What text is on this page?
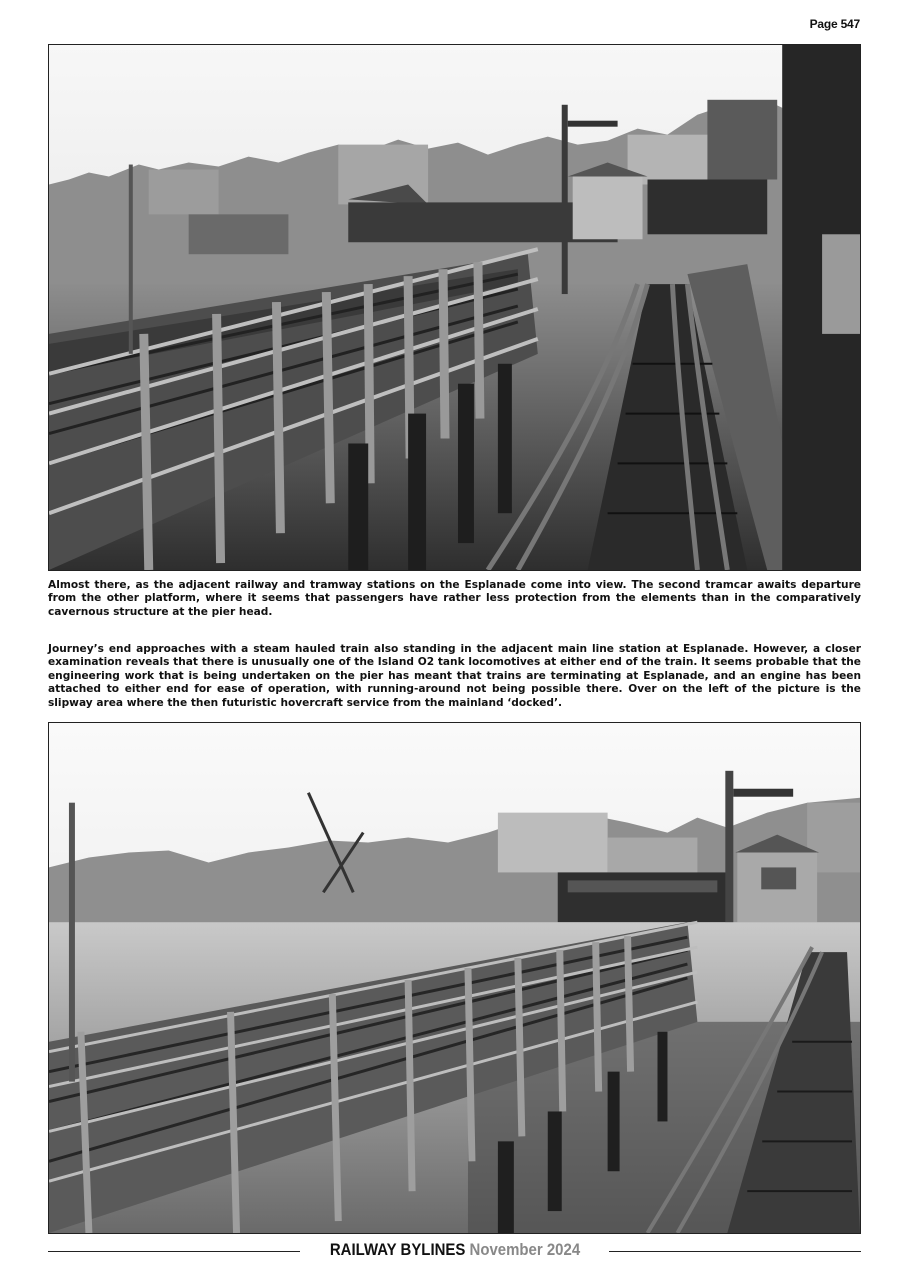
Page 547

Almost there, as the adjacent railway and tramway stations on the Esplanade come into view. The second tramcar awaits departure from the other platform, where it seems that passengers have rather less protection from the elements than in the comparatively cavernous structure at the pier head.

Journey’s end approaches with a steam hauled train also standing in the adjacent main line station at Esplanade. However, a closer examination reveals that there is unusually one of the Island O2 tank locomotives at either end of the train. It seems probable that the engineering work that is being undertaken on the pier has meant that trains are terminating at Esplanade, and an engine has been attached to either end for ease of operation, with running-around not being possible there. Over on the left of the picture is the slipway area where the then futuristic hovercraft service from the mainland ‘docked’.

RAILWAY BYLINES November 2024
